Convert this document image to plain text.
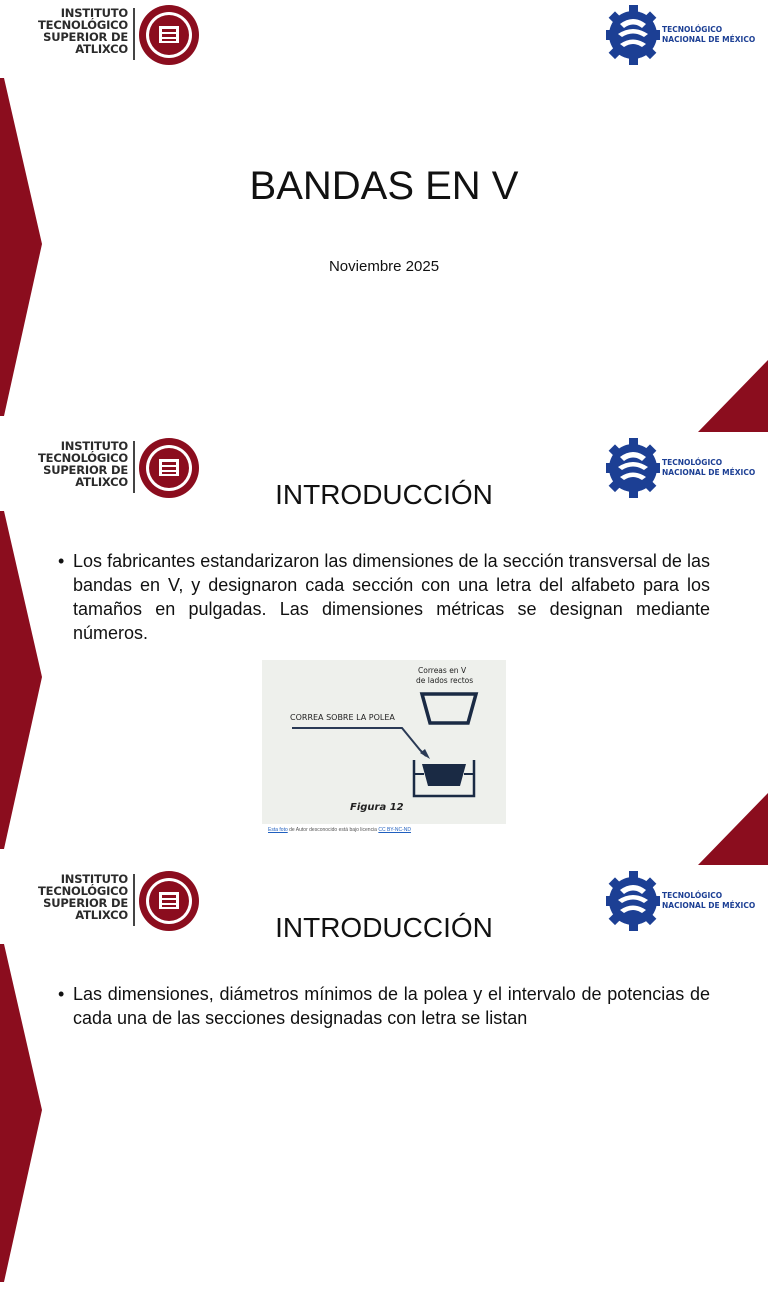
INSTITUTO
TECNOLÓGICO
SUPERIOR DE
ATLIXCO
TECNOLÓGICO
NACIONAL DE MÉXICO
BANDAS EN V
Noviembre 2025
INSTITUTO
TECNOLÓGICO
SUPERIOR DE
ATLIXCO
TECNOLÓGICO
NACIONAL DE MÉXICO
INTRODUCCIÓN
• Los fabricantes estandarizaron las dimensiones de la sección transversal de las bandas en V, y designaron cada sección con una letra del alfabeto para los tamaños en pulgadas. Las dimensiones métricas se designan mediante números.
Correas en V
de lados rectos
CORREA SOBRE LA POLEA
Figura 12
Esta foto de Autor desconocido está bajo licencia CC BY-NC-ND
INSTITUTO
TECNOLÓGICO
SUPERIOR DE
ATLIXCO
TECNOLÓGICO
NACIONAL DE MÉXICO
INTRODUCCIÓN
• Las dimensiones, diámetros mínimos de la polea y el intervalo de potencias de cada una de las secciones designadas con letra se listan
